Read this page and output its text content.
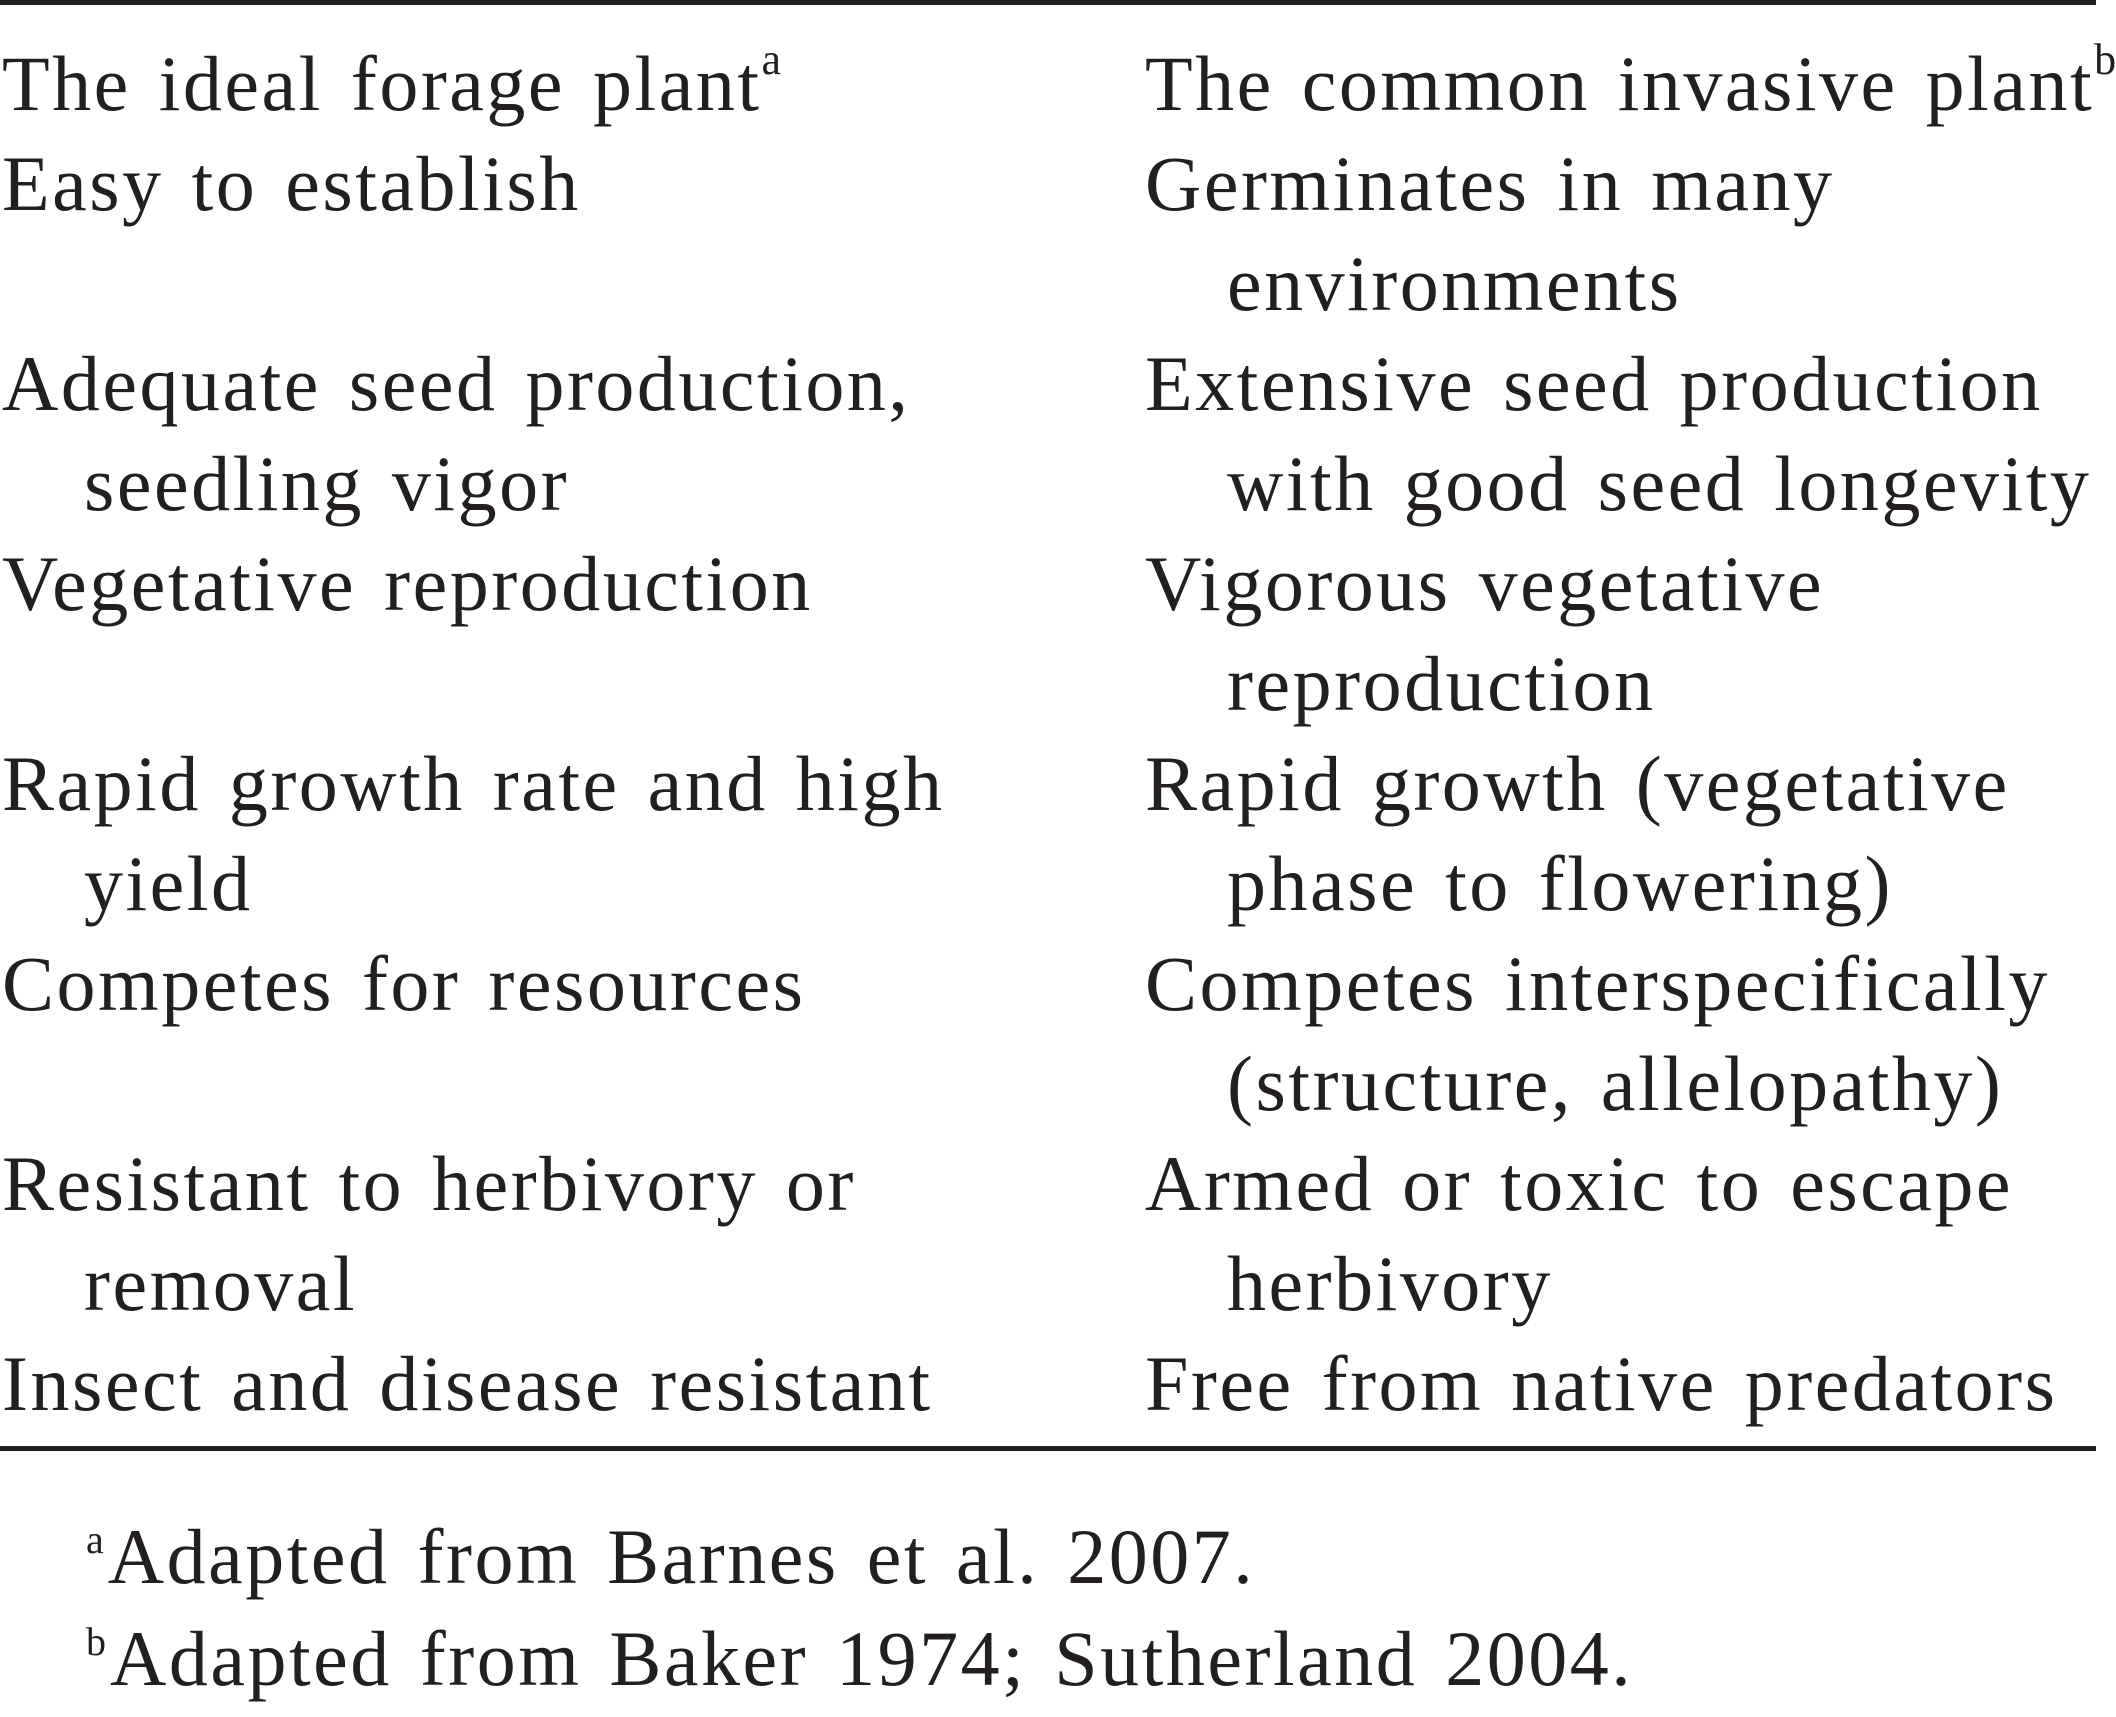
The ideal forage plant$^a$
Easy to establish
Adequate seed production, seedling vigor
Vegetative reproduction
Rapid growth rate and high yield
Competes for resources
Resistant to herbivory or removal
Insect and disease resistant
The common invasive plant$^b$
Germinates in many environments
Extensive seed production with good seed longevity
Vigorous vegetative reproduction
Rapid growth (vegetative phase to flowering)
Competes interspecifically (structure, allelopathy)
Armed or toxic to escape herbivory
Free from native predators
$^a$Adapted from Barnes et al. 2007.
$^b$Adapted from Baker 1974; Sutherland 2004.
